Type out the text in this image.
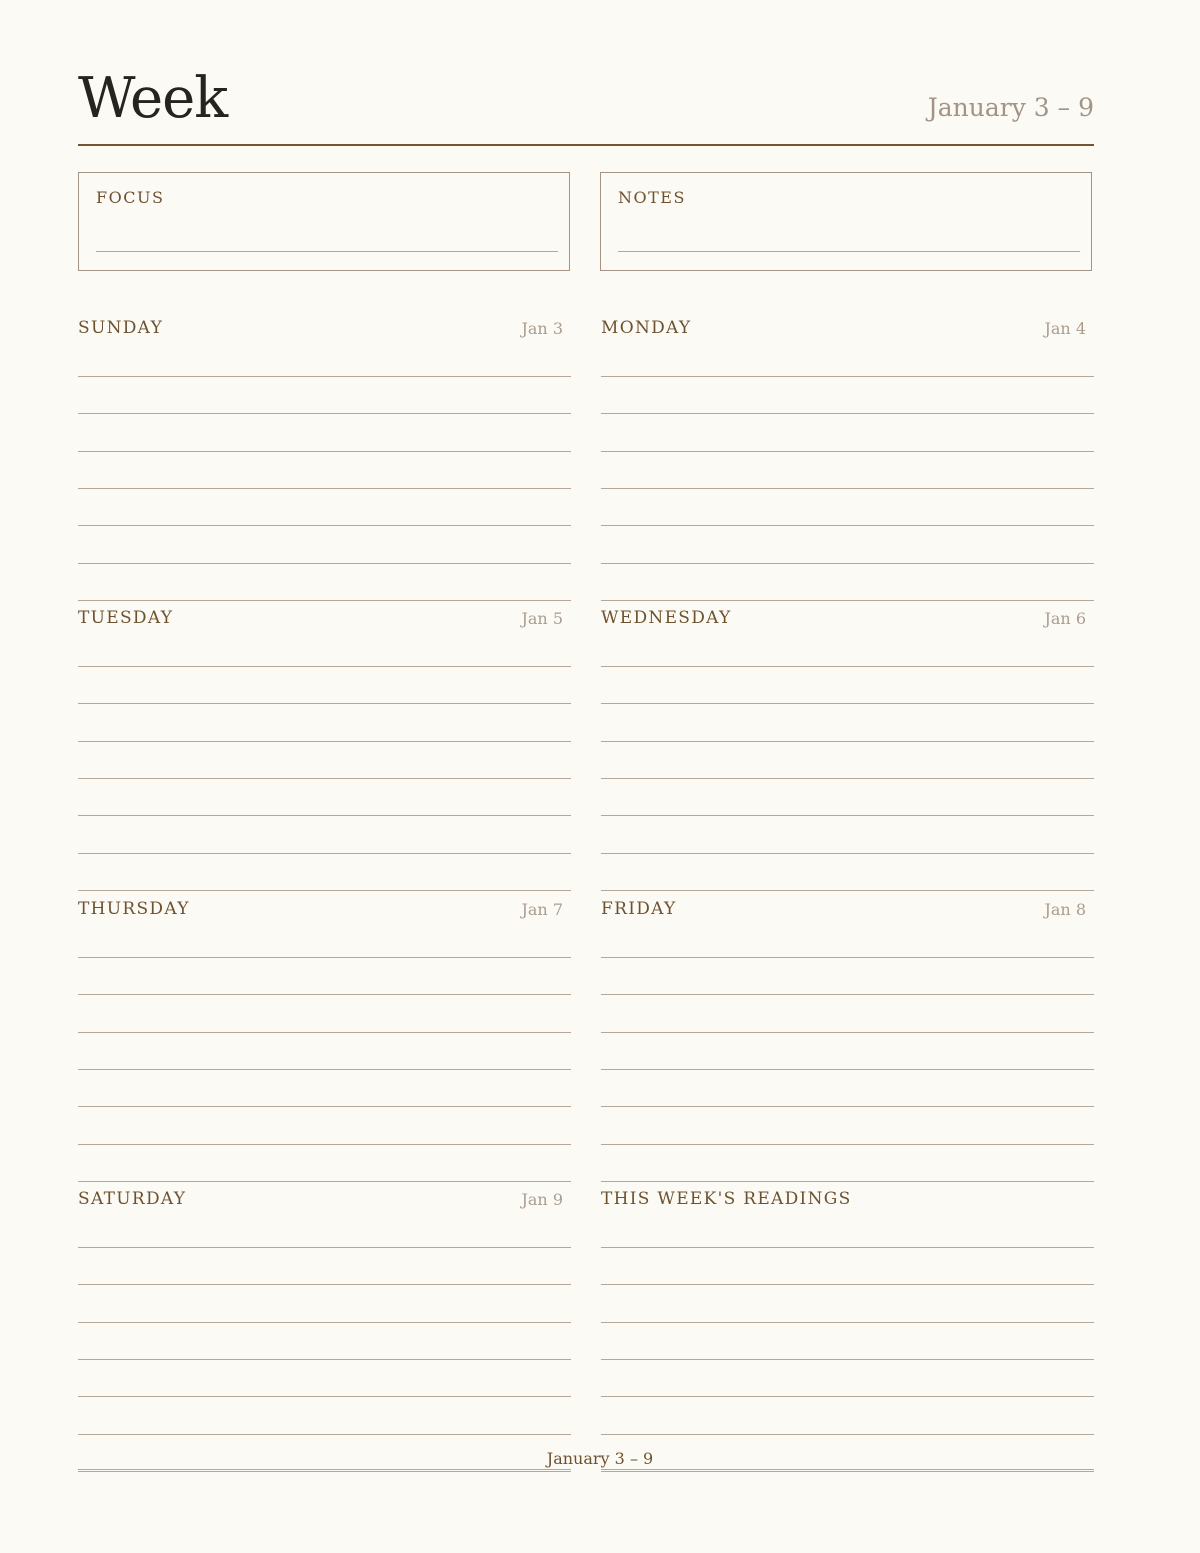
Week	January 3 – 9
FOCUS	NOTES
SUNDAY	Jan 3 MONDAY	Jan 4
TUESDAY	Jan 5 WEDNESDAY	Jan 6
THURSDAY	Jan 7 FRIDAY	Jan 8
SATURDAY	Jan 9 THIS WEEK'S READINGS
January 3 – 9
